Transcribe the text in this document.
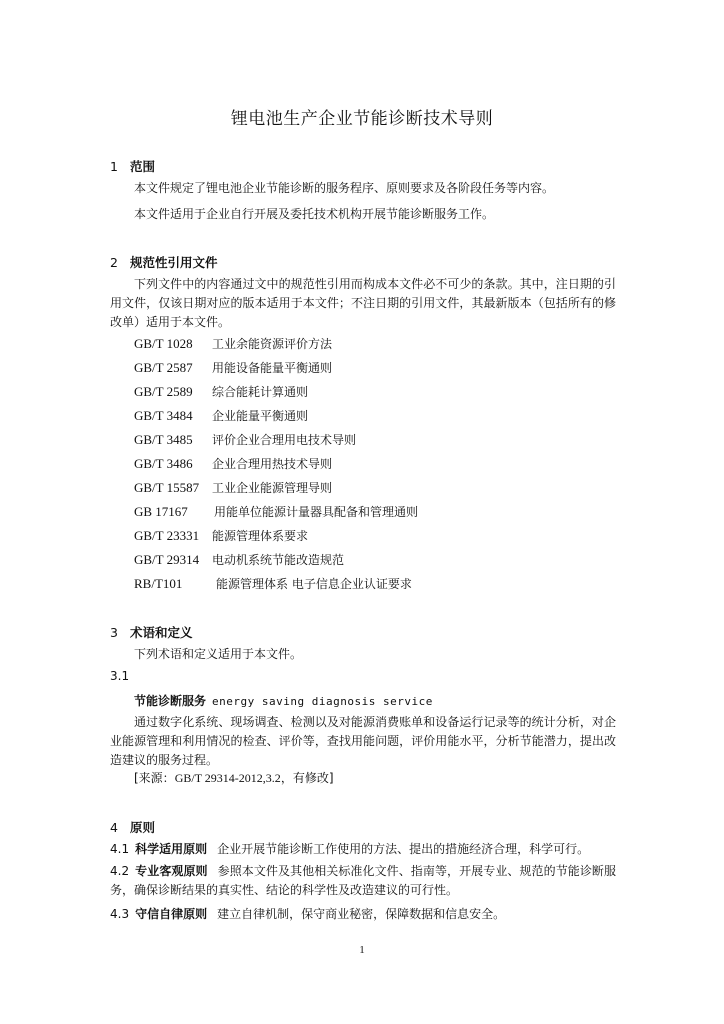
锂电池生产企业节能诊断技术导则
1 范围
本文件规定了锂电池企业节能诊断的服务程序、原则要求及各阶段任务等内容。
本文件适用于企业自行开展及委托技术机构开展节能诊断服务工作。
2 规范性引用文件
下列文件中的内容通过文中的规范性引用而构成本文件必不可少的条款。其中，注日期的引用文件，仅该日期对应的版本适用于本文件；不注日期的引用文件，其最新版本（包括所有的修改单）适用于本文件。
GB/T 1028 工业余能资源评价方法
GB/T 2587 用能设备能量平衡通则
GB/T 2589 综合能耗计算通则
GB/T 3484 企业能量平衡通则
GB/T 3485 评价企业合理用电技术导则
GB/T 3486 企业合理用热技术导则
GB/T 15587 工业企业能源管理导则
GB 17167 用能单位能源计量器具配备和管理通则
GB/T 23331 能源管理体系要求
GB/T 29314 电动机系统节能改造规范
RB/T101	能源管理体系 电子信息企业认证要求
3 术语和定义
下列术语和定义适用于本文件。
3.1
节能诊断服务 energy saving diagnosis service
通过数字化系统、现场调查、检测以及对能源消费账单和设备运行记录等的统计分析，对企业能源管理和利用情况的检查、评价等，查找用能问题，评价用能水平，分析节能潜力，提出改造建议的服务过程。
[来源：GB/T 29314-2012,3.2，有修改]
4 原则
4.1 科学适用原则 企业开展节能诊断工作使用的方法、提出的措施经济合理，科学可行。
4.2 专业客观原则 参照本文件及其他相关标准化文件、指南等，开展专业、规范的节能诊断服务，确保诊断结果的真实性、结论的科学性及改造建议的可行性。
4.3 守信自律原则 建立自律机制，保守商业秘密，保障数据和信息安全。
1
